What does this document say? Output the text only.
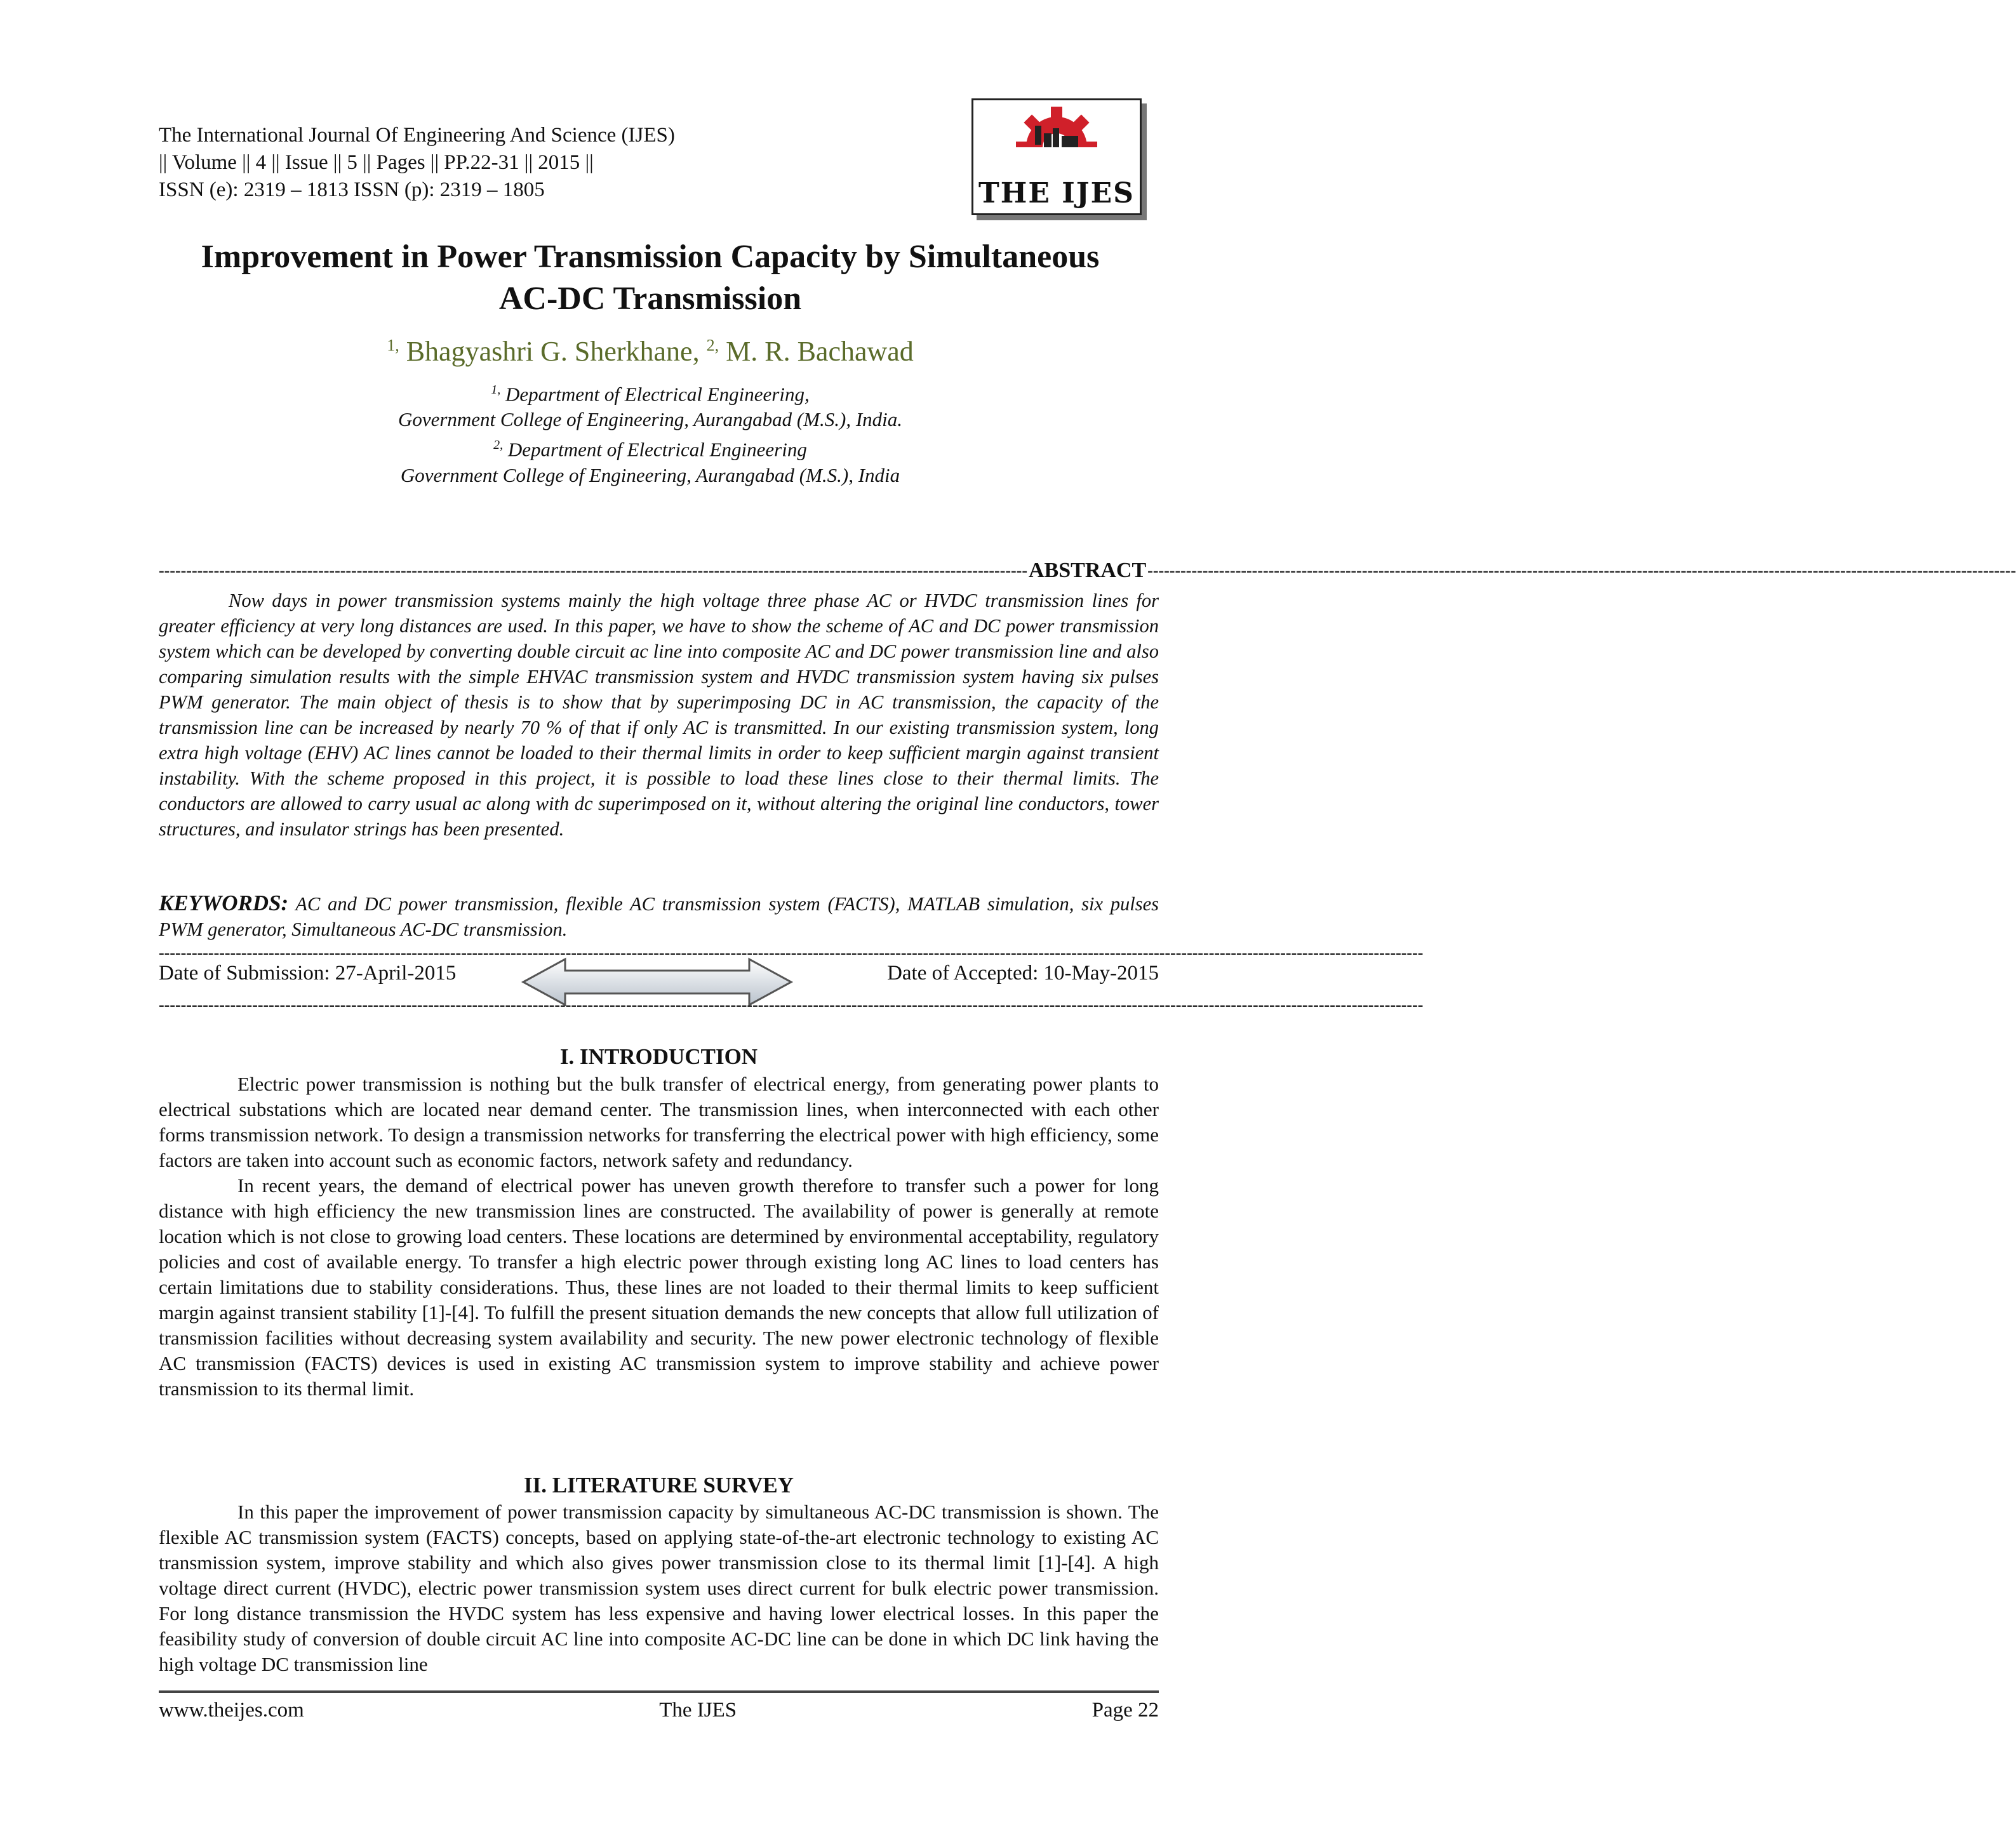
The International Journal Of Engineering And Science (IJES)
|| Volume || 4 || Issue || 5 || Pages || PP.22-31 || 2015 ||
ISSN (e): 2319 – 1813 ISSN (p): 2319 – 1805	THE IJES
Improvement in Power Transmission Capacity by Simultaneous
AC-DC Transmission
$^{1,}$ Bhagyashri G. Sherkhane, $^{2,}$ M. R. Bachawad
$^{1,}$ Department of Electrical Engineering,
Government College of Engineering, Aurangabad (M.S.), India.
$^{2,}$ Department of Electrical Engineering
Government College of Engineering, Aurangabad (M.S.), India
-------------------------------------------------------------------------------------------------------------------------------------------------------------- ABSTRACT --------------------------------------------------------------------------------------------------------------------------------------------------------------
Now days in power transmission systems mainly the high voltage three phase AC or HVDC transmission lines for greater efficiency at very long distances are used. In this paper, we have to show the scheme of AC and DC power transmission system which can be developed by converting double circuit ac line into composite AC and DC power transmission line and also comparing simulation results with the simple EHVAC transmission system and HVDC transmission system having six pulses PWM generator. The main object of thesis is to show that by superimposing DC in AC transmission, the capacity of the transmission line can be increased by nearly 70 % of that if only AC is transmitted. In our existing transmission system, long extra high voltage (EHV) AC lines cannot be loaded to their thermal limits in order to keep sufficient margin against transient instability. With the scheme proposed in this project, it is possible to load these lines close to their thermal limits. The conductors are allowed to carry usual ac along with dc superimposed on it, without altering the original line conductors, tower structures, and insulator strings has been presented.
KEYWORDS: AC and DC power transmission, flexible AC transmission system (FACTS), MATLAB simulation, six pulses PWM generator, Simultaneous AC-DC transmission.
--------------------------------------------------------------------------------------------------------------------------------------------------------------------------------------------------------------------------------------
Date of Submission: 27-April-2015	Date of Accepted: 10-May-2015
--------------------------------------------------------------------------------------------------------------------------------------------------------------------------------------------------------------------------------------
I. INTRODUCTION

Electric power transmission is nothing but the bulk transfer of electrical energy, from generating power plants to electrical substations which are located near demand center. The transmission lines, when interconnected with each other forms transmission network. To design a transmission networks for transferring the electrical power with high efficiency, some factors are taken into account such as economic factors, network safety and redundancy.

In recent years, the demand of electrical power has uneven growth therefore to transfer such a power for long distance with high efficiency the new transmission lines are constructed. The availability of power is generally at remote location which is not close to growing load centers. These locations are determined by environmental acceptability, regulatory policies and cost of available energy. To transfer a high electric power through existing long AC lines to load centers has certain limitations due to stability considerations. Thus, these lines are not loaded to their thermal limits to keep sufficient margin against transient stability [1]-[4]. To fulfill the present situation demands the new concepts that allow full utilization of transmission facilities without decreasing system availability and security. The new power electronic technology of flexible AC transmission (FACTS) devices is used in existing AC transmission system to improve stability and achieve power transmission to its thermal limit.

II. LITERATURE SURVEY

In this paper the improvement of power transmission capacity by simultaneous AC-DC transmission is shown. The flexible AC transmission system (FACTS) concepts, based on applying state-of-the-art electronic technology to existing AC transmission system, improve stability and which also gives power transmission close to its thermal limit [1]-[4]. A high voltage direct current (HVDC), electric power transmission system uses direct current for bulk electric power transmission. For long distance transmission the HVDC system has less expensive and having lower electrical losses. In this paper the feasibility study of conversion of double circuit AC line into composite AC-DC line can be done in which DC link having the high voltage DC transmission line

www.theijes.com	The IJES	Page 22
